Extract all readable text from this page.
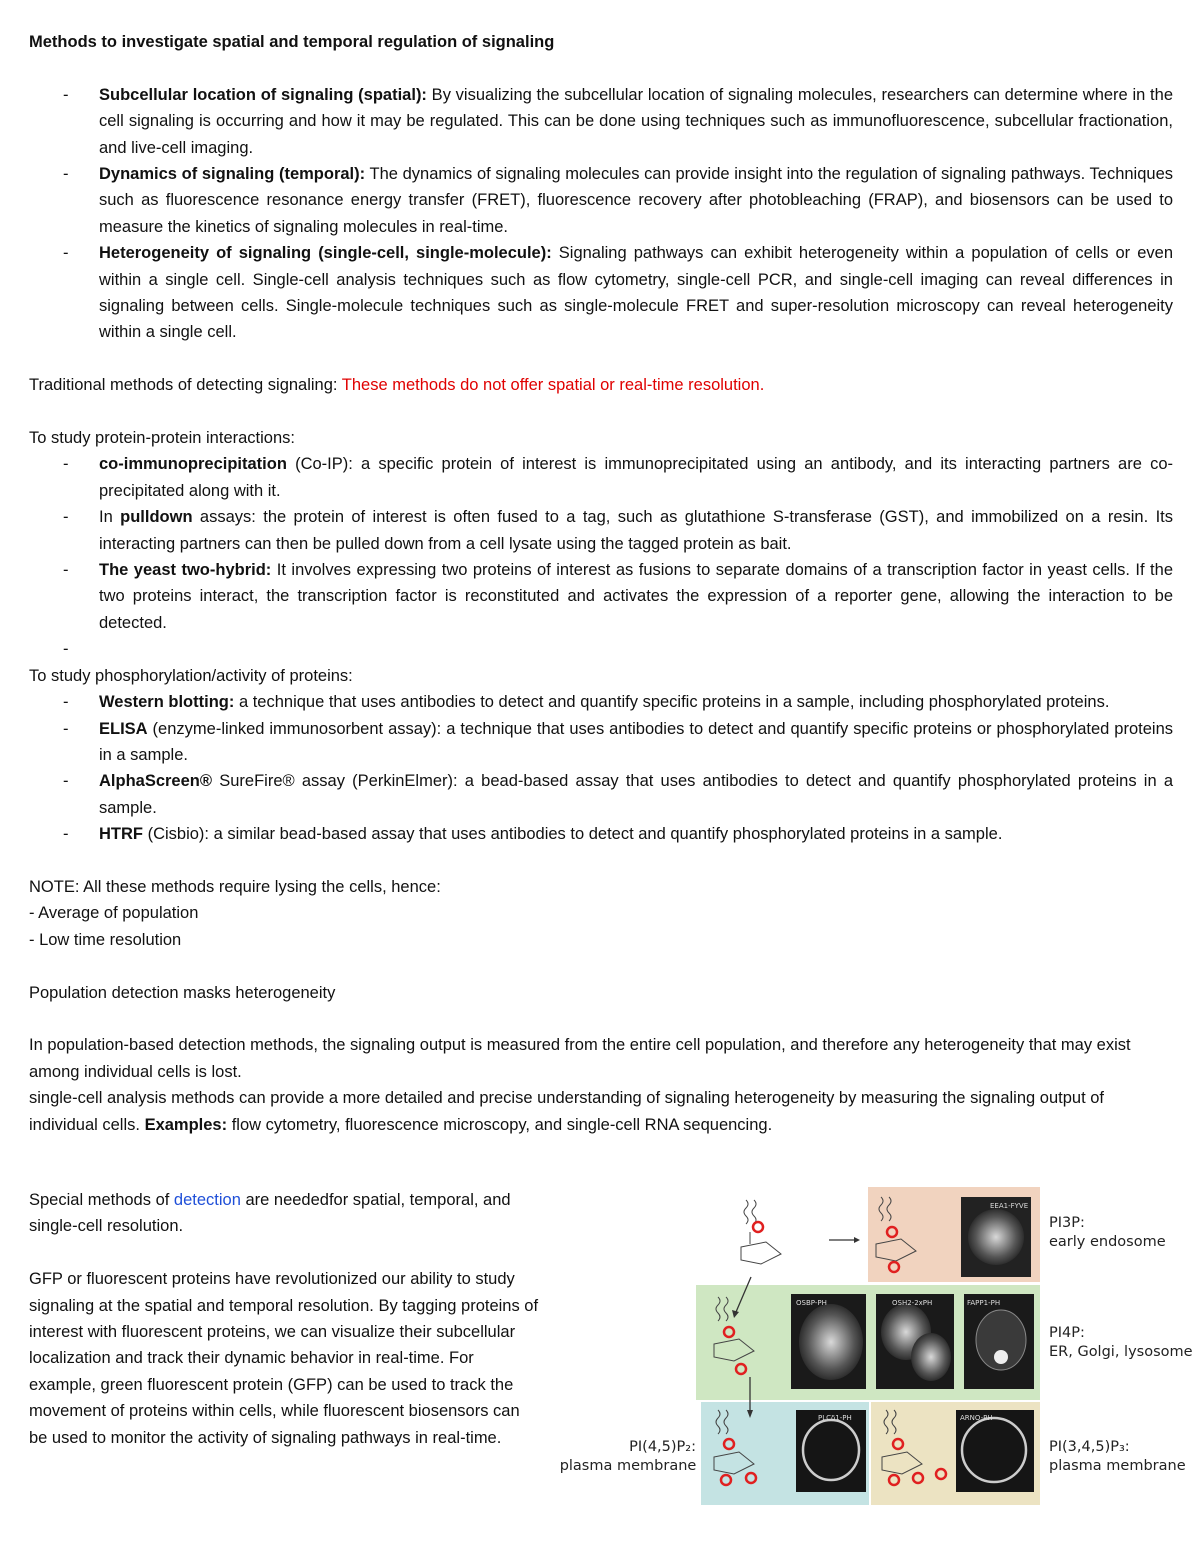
Methods to investigate spatial and temporal regulation of signaling

- Subcellular location of signaling (spatial): By visualizing the subcellular location of signaling molecules, researchers can determine where in the cell signaling is occurring and how it may be regulated. This can be done using techniques such as immunofluorescence, subcellular fractionation, and live-cell imaging.
- Dynamics of signaling (temporal): The dynamics of signaling molecules can provide insight into the regulation of signaling pathways. Techniques such as fluorescence resonance energy transfer (FRET), fluorescence recovery after photobleaching (FRAP), and biosensors can be used to measure the kinetics of signaling molecules in real-time.
- Heterogeneity of signaling (single-cell, single-molecule): Signaling pathways can exhibit heterogeneity within a population of cells or even within a single cell. Single-cell analysis techniques such as flow cytometry, single-cell PCR, and single-cell imaging can reveal differences in signaling between cells. Single-molecule techniques such as single-molecule FRET and super-resolution microscopy can reveal heterogeneity within a single cell.

Traditional methods of detecting signaling: These methods do not offer spatial or real-time resolution.

To study protein-protein interactions:

- co-immunoprecipitation (Co-IP): a specific protein of interest is immunoprecipitated using an antibody, and its interacting partners are co-precipitated along with it.
- In pulldown assays: the protein of interest is often fused to a tag, such as glutathione S-transferase (GST), and immobilized on a resin. Its interacting partners can then be pulled down from a cell lysate using the tagged protein as bait.
- The yeast two-hybrid: It involves expressing two proteins of interest as fusions to separate domains of a transcription factor in yeast cells. If the two proteins interact, the transcription factor is reconstituted and activates the expression of a reporter gene, allowing the interaction to be detected.
-

To study phosphorylation/activity of proteins:

- Western blotting: a technique that uses antibodies to detect and quantify specific proteins in a sample, including phosphorylated proteins.
- ELISA (enzyme-linked immunosorbent assay): a technique that uses antibodies to detect and quantify specific proteins or phosphorylated proteins in a sample.
- AlphaScreen® SureFire® assay (PerkinElmer): a bead-based assay that uses antibodies to detect and quantify phosphorylated proteins in a sample.
- HTRF (Cisbio): a similar bead-based assay that uses antibodies to detect and quantify phosphorylated proteins in a sample.

NOTE: All these methods require lysing the cells, hence:

- Average of population

- Low time resolution

Population detection masks heterogeneity

In population-based detection methods, the signaling output is measured from the entire cell population, and therefore any heterogeneity that may exist among individual cells is lost.

single-cell analysis methods can provide a more detailed and precise understanding of signaling heterogeneity by measuring the signaling output of individual cells. Examples: flow cytometry, fluorescence microscopy, and single-cell RNA sequencing.

Special methods of detection are neededfor spatial, temporal, and single-cell resolution.

GFP or fluorescent proteins have revolutionized our ability to study signaling at the spatial and temporal resolution. By tagging proteins of interest with fluorescent proteins, we can visualize their subcellular localization and track their dynamic behavior in real-time. For example, green fluorescent protein (GFP) can be used to track the movement of proteins within cells, while fluorescent biosensors can be used to monitor the activity of signaling pathways in real-time.

EEA1-FYVE
OSBP-PH	OSH2-2xPH	FAPP1-PH
PLCδ1-PH	ARNO-PH
PI3P:
early endosome
PI4P:
ER, Golgi, lysosome
PI(4,5)P₂:
plasma membrane
PI(3,4,5)P₃:
plasma membrane
